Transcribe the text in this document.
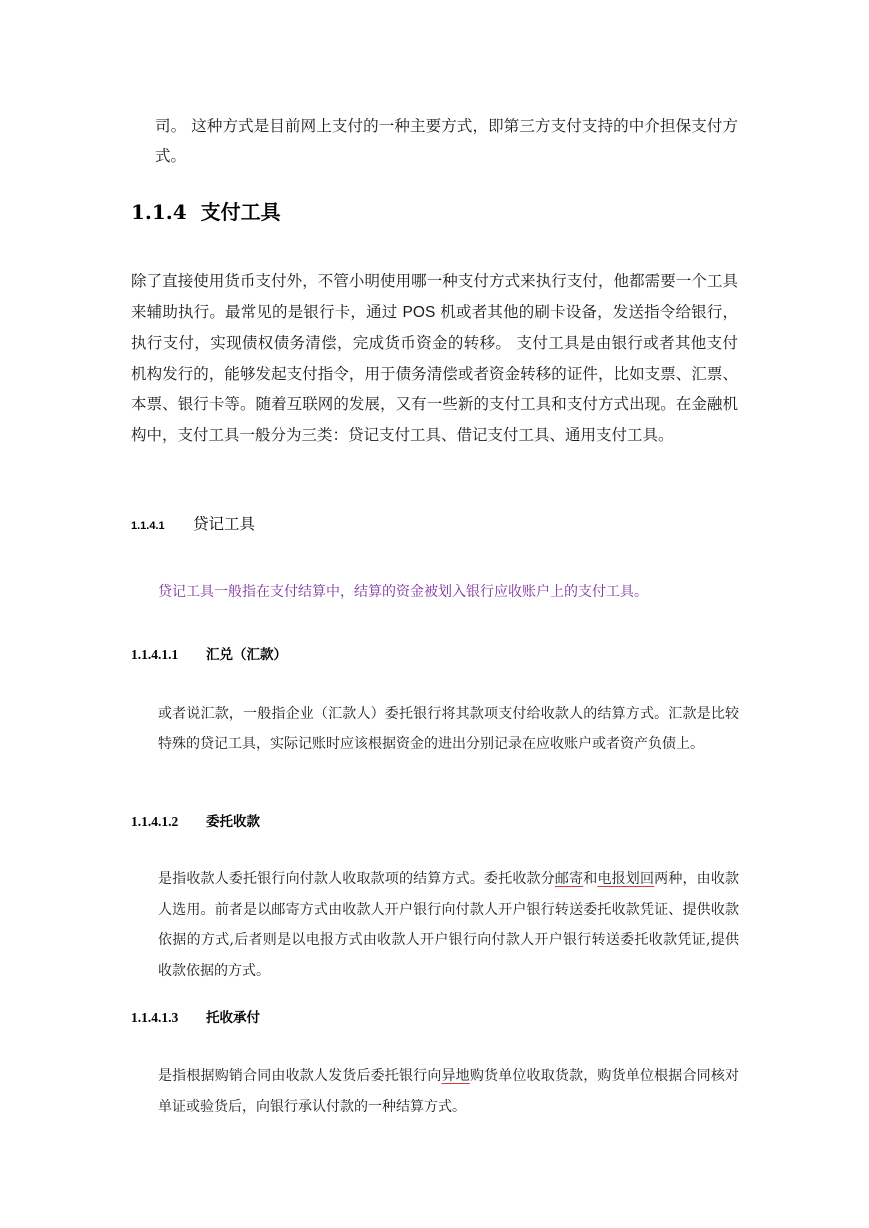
司。 这种方式是目前网上支付的一种主要方式，即第三方支付支持的中介担保支付方式。

1.1.4 支付工具

除了直接使用货币支付外，不管小明使用哪一种支付方式来执行支付，他都需要一个工具来辅助执行。最常见的是银行卡，通过 POS 机或者其他的刷卡设备，发送指令给银行，执行支付，实现债权债务清偿，完成货币资金的转移。 支付工具是由银行或者其他支付机构发行的，能够发起支付指令，用于债务清偿或者资金转移的证件，比如支票、汇票、本票、银行卡等。随着互联网的发展，又有一些新的支付工具和支付方式出现。在金融机构中，支付工具一般分为三类：贷记支付工具、借记支付工具、通用支付工具。

1.1.4.1 贷记工具

贷记工具一般指在支付结算中，结算的资金被划入银行应收账户上的支付工具。

1.1.4.1.1 汇兑（汇款）

或者说汇款，一般指企业（汇款人）委托银行将其款项支付给收款人的结算方式。汇款是比较特殊的贷记工具，实际记账时应该根据资金的进出分别记录在应收账户或者资产负债上。

1.1.4.1.2 委托收款

是指收款人委托银行向付款人收取款项的结算方式。委托收款分邮寄和电报划回两种，由收款人选用。前者是以邮寄方式由收款人开户银行向付款人开户银行转送委托收款凭证、提供收款依据的方式,后者则是以电报方式由收款人开户银行向付款人开户银行转送委托收款凭证,提供收款依据的方式。

1.1.4.1.3 托收承付

是指根据购销合同由收款人发货后委托银行向异地购货单位收取货款，购货单位根据合同核对单证或验货后，向银行承认付款的一种结算方式。
